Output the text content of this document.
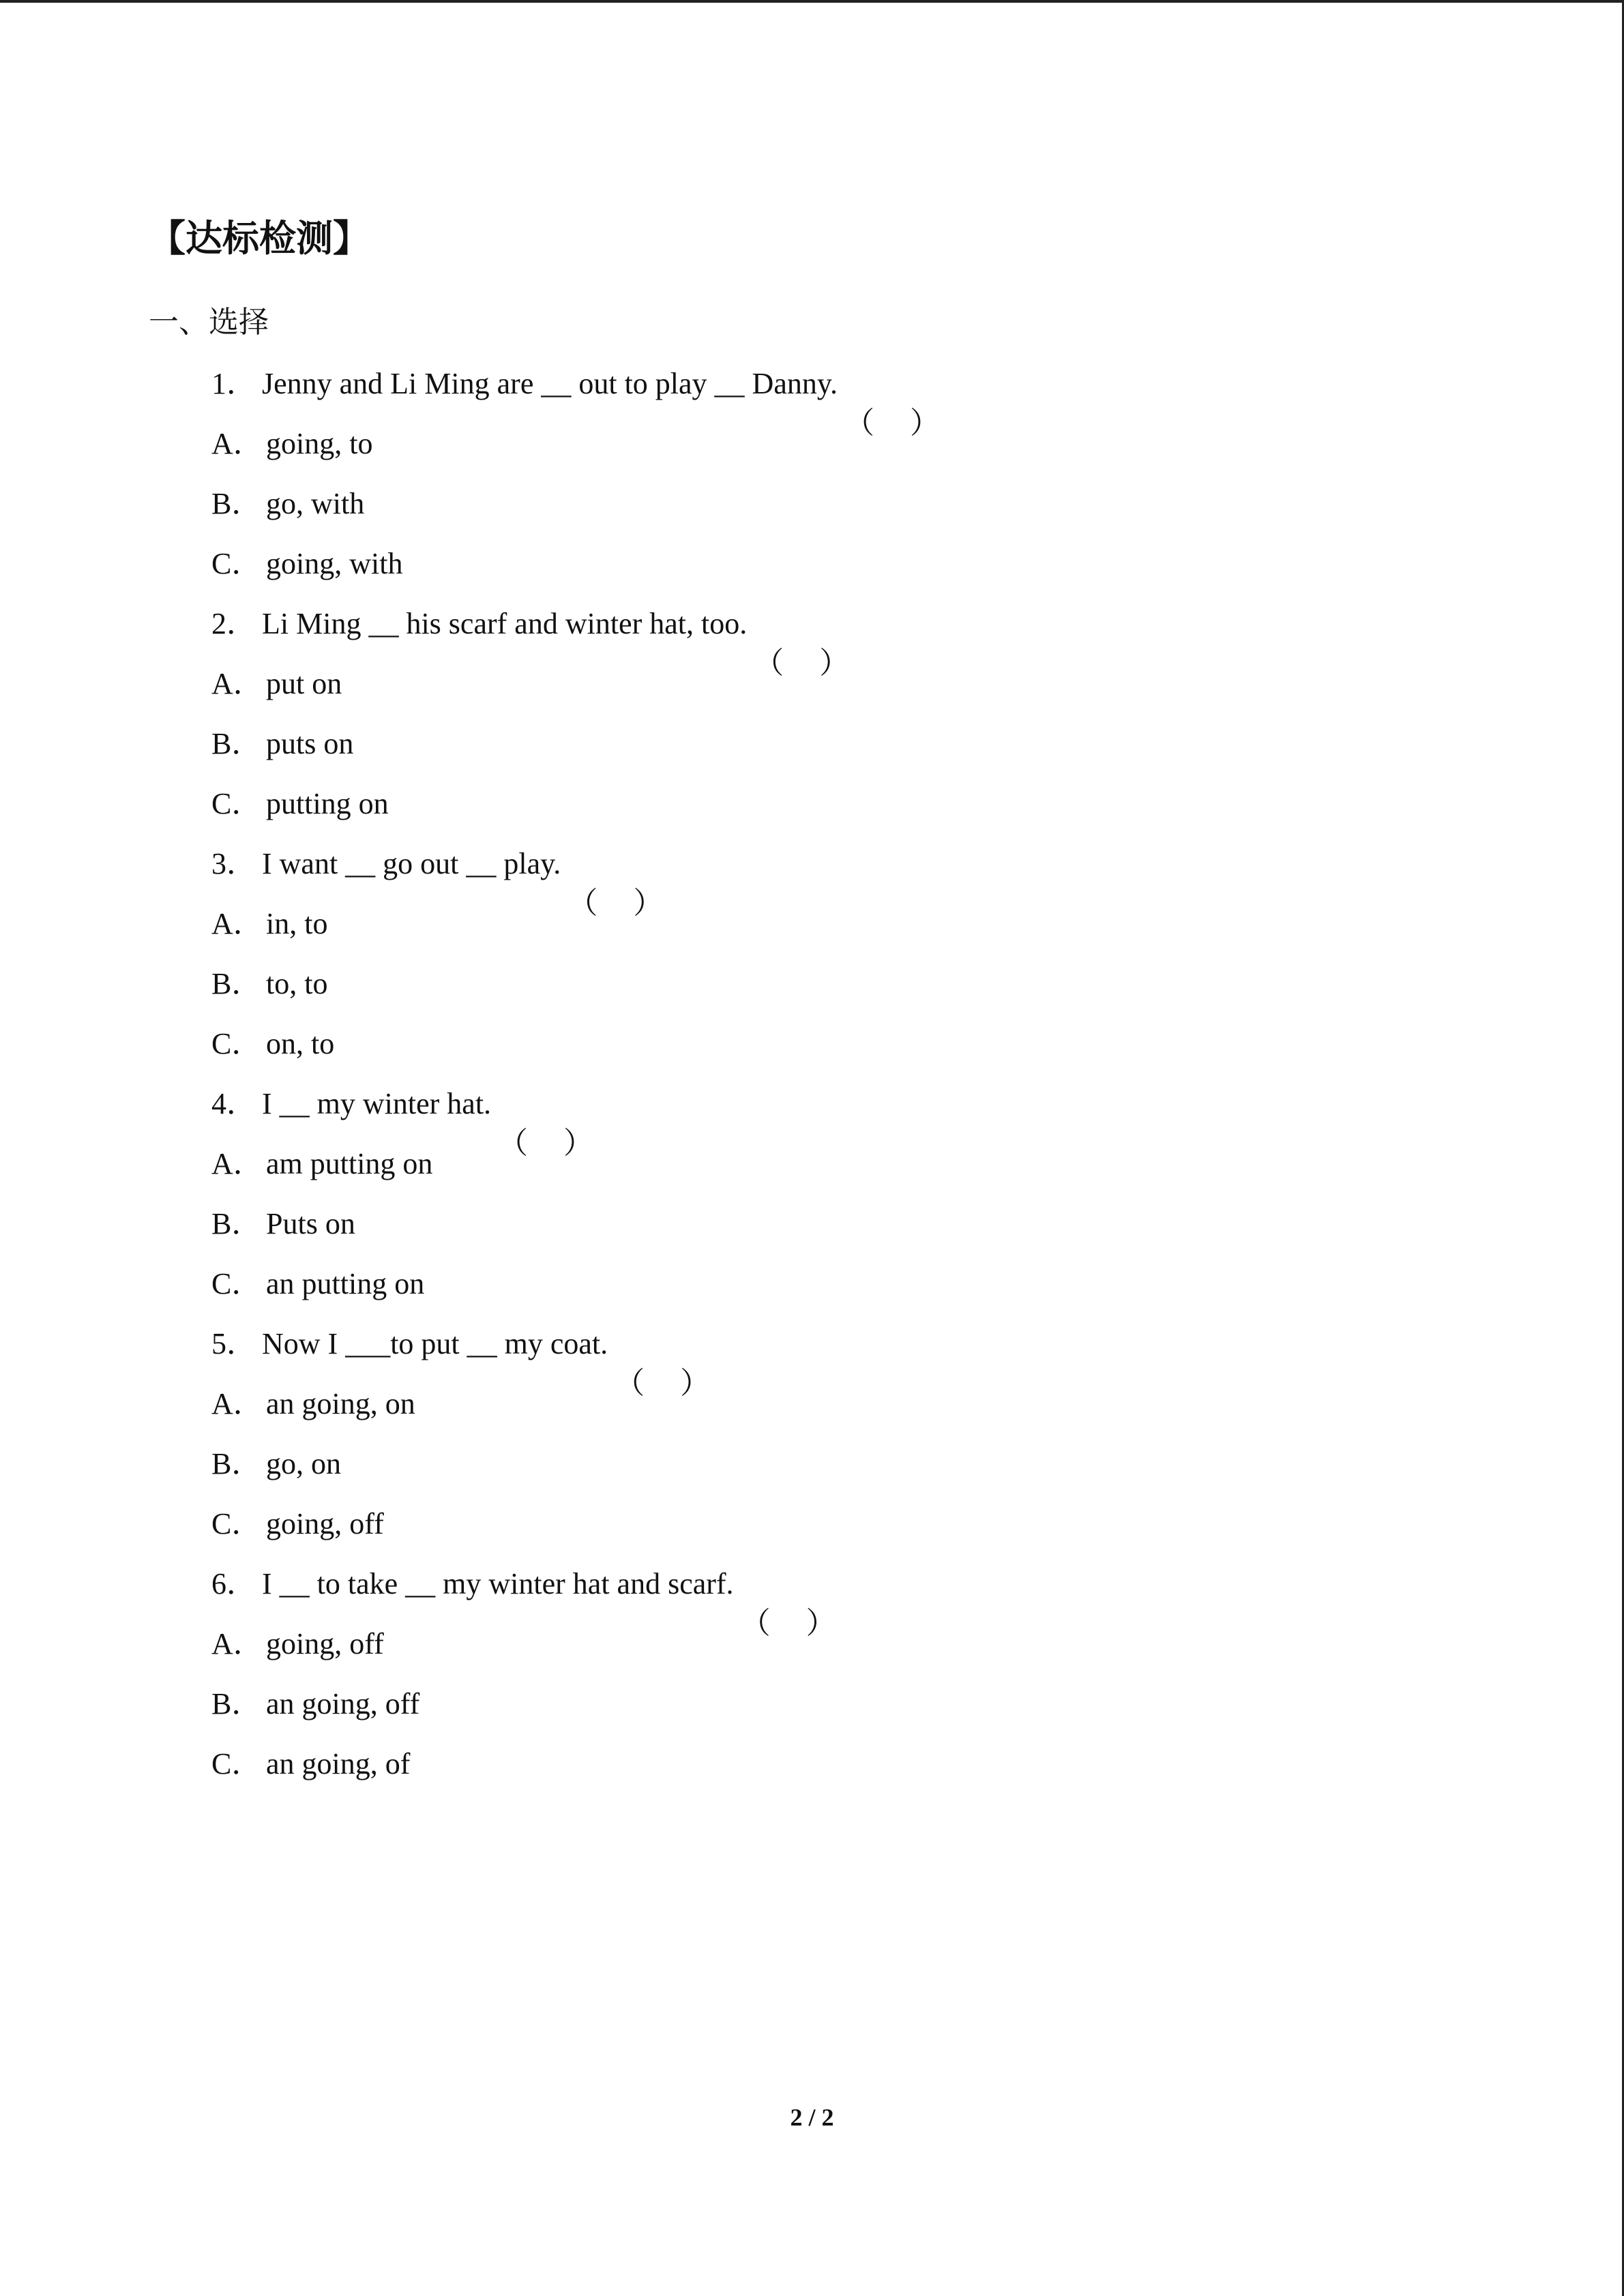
【达标检测】
一、选择
1． Jenny and Li Ming are __ out to play __ Danny.
（ ）
A．going, to
B． go, with
C． going, with
2． Li Ming __ his scarf and winter hat, too.
（ ）
A．put on
B． puts on
C． putting on
3． I want __ go out __ play.
（ ）
A．in, to
B． to, to
C． on, to
4． I __ my winter hat.
（ ）
A．am putting on
B． Puts on
C． an putting on
5． Now I ___to put __ my coat.
（ ）
A．an going, on
B． go, on
C． going, off
6． I __ to take __ my winter hat and scarf.
（ ）
A．going, off
B． an going, off
C． an going, of
2 / 2
